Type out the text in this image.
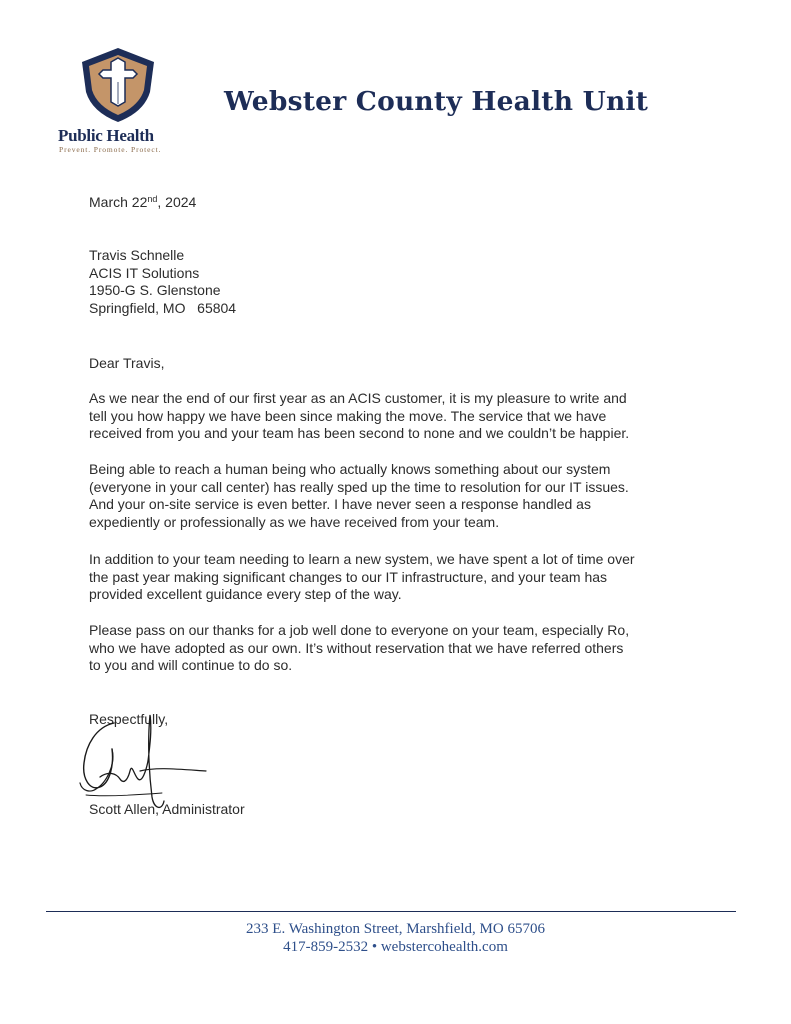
Public Health
Prevent. Promote. Protect.
Webster County Health Unit
March 22nd, 2024
Travis Schnelle
ACIS IT Solutions
1950-G S. Glenstone
Springfield, MO   65804
Dear Travis,
As we near the end of our first year as an ACIS customer, it is my pleasure to write and
tell you how happy we have been since making the move. The service that we have
received from you and your team has been second to none and we couldn’t be happier.
Being able to reach a human being who actually knows something about our system
(everyone in your call center) has really sped up the time to resolution for our IT issues.
And your on-site service is even better. I have never seen a response handled as
expediently or professionally as we have received from your team.
In addition to your team needing to learn a new system, we have spent a lot of time over
the past year making significant changes to our IT infrastructure, and your team has
provided excellent guidance every step of the way.
Please pass on our thanks for a job well done to everyone on your team, especially Ro,
who we have adopted as our own. It’s without reservation that we have referred others
to you and will continue to do so.
Respectfully,
Scott Allen, Administrator
233 E. Washington Street, Marshfield, MO 65706
417-859-2532 • webstercohealth.com
